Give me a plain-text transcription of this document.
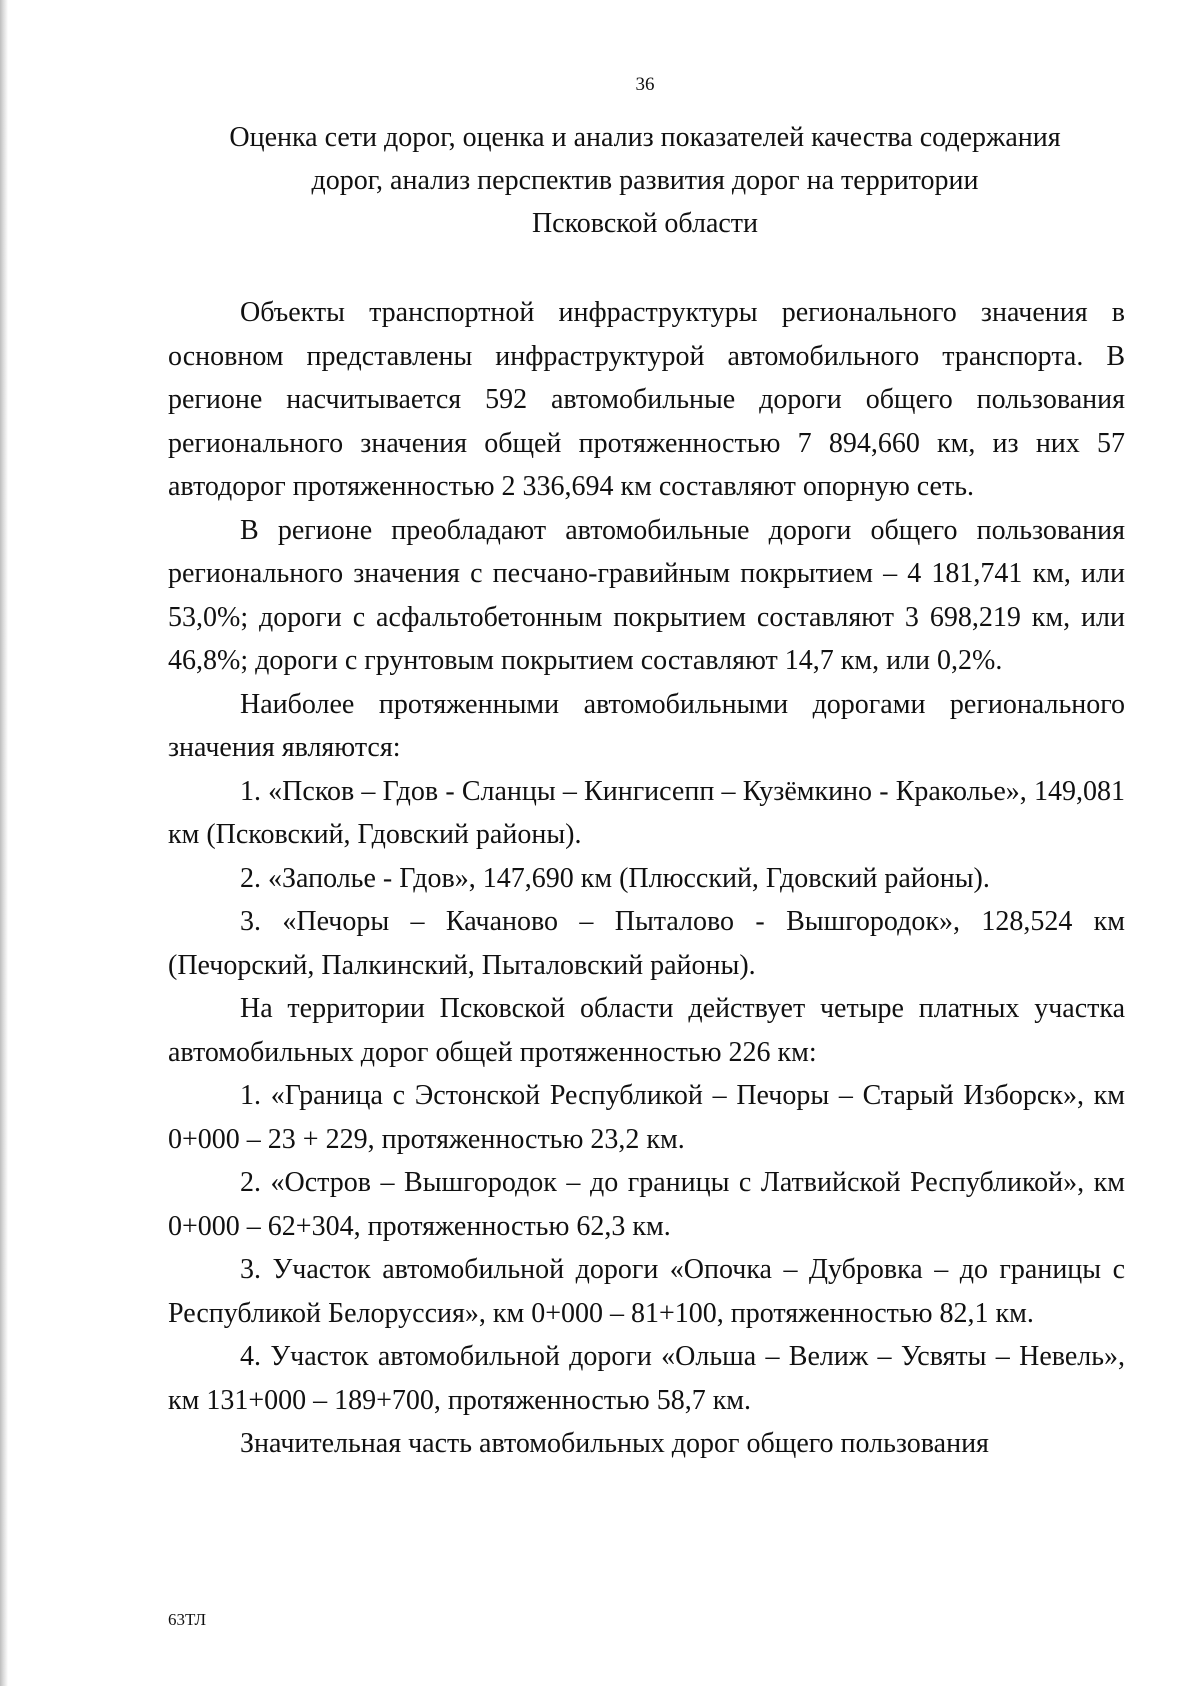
36
Оценка сети дорог, оценка и анализ показателей качества содержания
дорог, анализ перспектив развития дорог на территории
Псковской области

Объекты транспортной инфраструктуры регионального значения в основном представлены инфраструктурой автомобильного транспорта. В регионе насчитывается 592 автомобильные дороги общего пользования регионального значения общей протяженностью 7 894,660 км, из них 57 автодорог протяженностью 2 336,694 км составляют опорную сеть.

В регионе преобладают автомобильные дороги общего пользования регионального значения с песчано-гравийным покрытием – 4 181,741 км, или 53,0%; дороги с асфальтобетонным покрытием составляют 3 698,219 км, или 46,8%; дороги с грунтовым покрытием составляют 14,7 км, или 0,2%.

Наиболее протяженными автомобильными дорогами регионального значения являются:

1. «Псков – Гдов - Сланцы – Кингисепп – Кузёмкино - Краколье», 149,081 км (Псковский, Гдовский районы).

2. «Заполье - Гдов», 147,690 км (Плюсский, Гдовский районы).

3. «Печоры – Качаново – Пыталово - Вышгородок», 128,524 км (Печорский, Палкинский, Пыталовский районы).

На территории Псковской области действует четыре платных участка автомобильных дорог общей протяженностью 226 км:

1. «Граница с Эстонской Республикой – Печоры – Старый Изборск», км 0+000 – 23 + 229, протяженностью 23,2 км.

2. «Остров – Вышгородок – до границы с Латвийской Республикой», км 0+000 – 62+304, протяженностью 62,3 км.

3. Участок автомобильной дороги «Опочка – Дубровка – до границы с Республикой Белоруссия», км 0+000 – 81+100, протяженностью 82,1 км.

4. Участок автомобильной дороги «Ольша – Велиж – Усвяты – Невель», км 131+000 – 189+700, протяженностью 58,7 км.

Значительная часть автомобильных дорог общего пользования

63ТЛ
